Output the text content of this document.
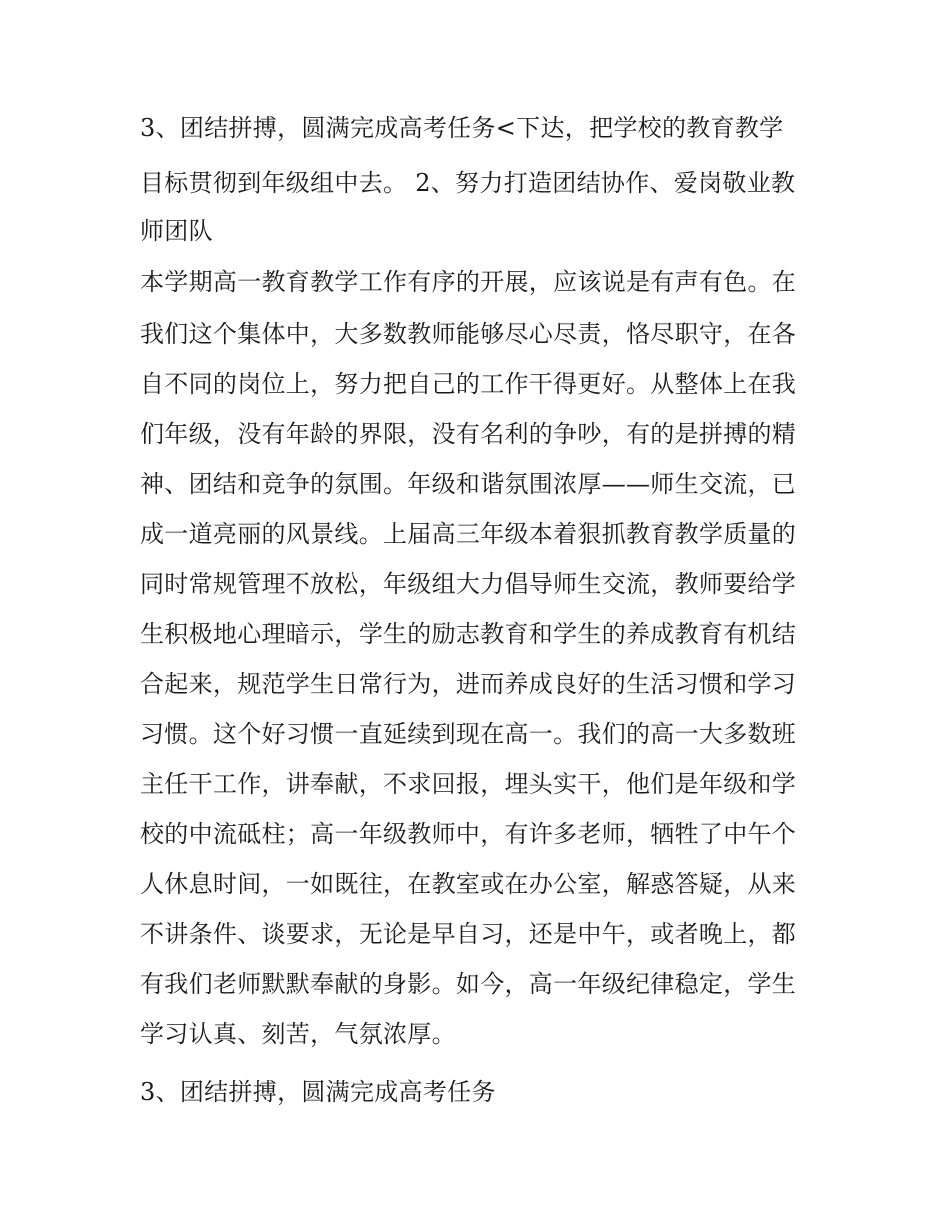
3、团结拼搏，圆满完成高考任务<下达，把学校的教育教学

目标贯彻到年级组中去。 2、努力打造团结协作、爱岗敬业教

师团队

本学期高一教育教学工作有序的开展，应该说是有声有色。在

我们这个集体中，大多数教师能够尽心尽责，恪尽职守，在各

自不同的岗位上，努力把自己的工作干得更好。从整体上在我

们年级，没有年龄的界限，没有名利的争吵，有的是拼搏的精

神、团结和竞争的氛围。年级和谐氛围浓厚——师生交流，已

成一道亮丽的风景线。上届高三年级本着狠抓教育教学质量的

同时常规管理不放松，年级组大力倡导师生交流，教师要给学

生积极地心理暗示，学生的励志教育和学生的养成教育有机结

合起来，规范学生日常行为，进而养成良好的生活习惯和学习

习惯。这个好习惯一直延续到现在高一。我们的高一大多数班

主任干工作，讲奉献，不求回报，埋头实干，他们是年级和学

校的中流砥柱；高一年级教师中，有许多老师，牺牲了中午个

人休息时间，一如既往，在教室或在办公室，解惑答疑，从来

不讲条件、谈要求，无论是早自习，还是中午，或者晚上，都

有我们老师默默奉献的身影。如今，高一年级纪律稳定，学生

学习认真、刻苦，气氛浓厚。

3、团结拼搏，圆满完成高考任务
